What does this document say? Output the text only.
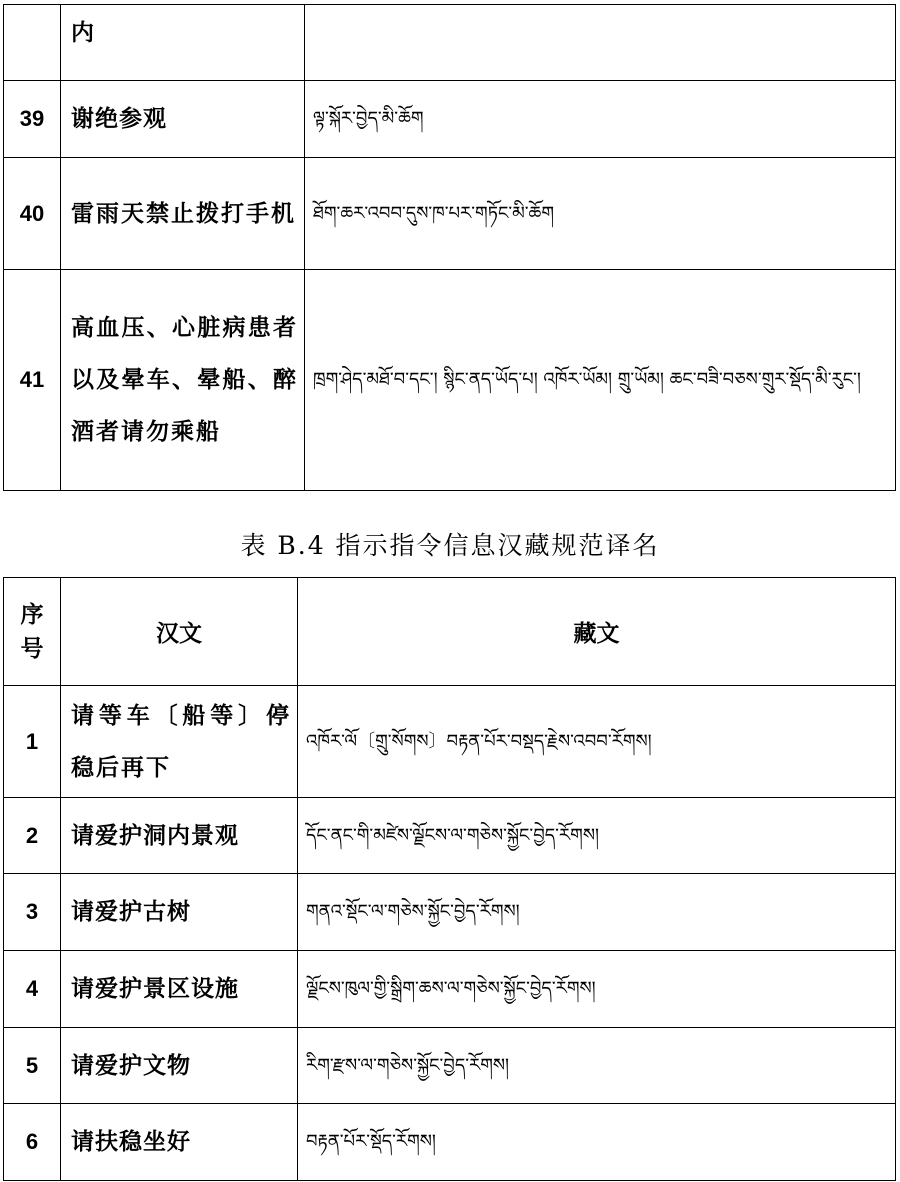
	内	
39	谢绝参观	ལྟ་སྐོར་བྱེད་མི་ཆོག
40	雷雨天禁止拨打手机	ཐོག་ཆར་འབབ་དུས་ཁ་པར་གཏོང་མི་ཆོག
41	高血压、心脏病患者以及晕车、晕船、醉酒者请勿乘船	ཁྲག་ཤེད་མཐོ་བ་དང་། སྙིང་ནད་ཡོད་པ། འཁོར་ཡོམ། གྲུ་ཡོམ། ཆང་བཟི་བཅས་གྲུར་སྡོད་མི་རུང་།
表 B.4 指示指令信息汉藏规范译名
序号	汉文	藏文
1	请等车〔船等〕停稳后再下	འཁོར་ལོ〔གྲུ་སོགས〕བརྟན་པོར་བསྡད་རྗེས་འབབ་རོགས།
2	请爱护洞内景观	དོང་ནང་གི་མཛེས་ལྗོངས་ལ་གཅེས་སྐྱོང་བྱེད་རོགས།
3	请爱护古树	གནའ་སྡོང་ལ་གཅེས་སྐྱོང་བྱེད་རོགས།
4	请爱护景区设施	ལྗོངས་ཁུལ་གྱི་སྒྲིག་ཆས་ལ་གཅེས་སྐྱོང་བྱེད་རོགས།
5	请爱护文物	རིག་རྫས་ལ་གཅེས་སྐྱོང་བྱེད་རོགས།
6	请扶稳坐好	བརྟན་པོར་སྡོད་རོགས།
